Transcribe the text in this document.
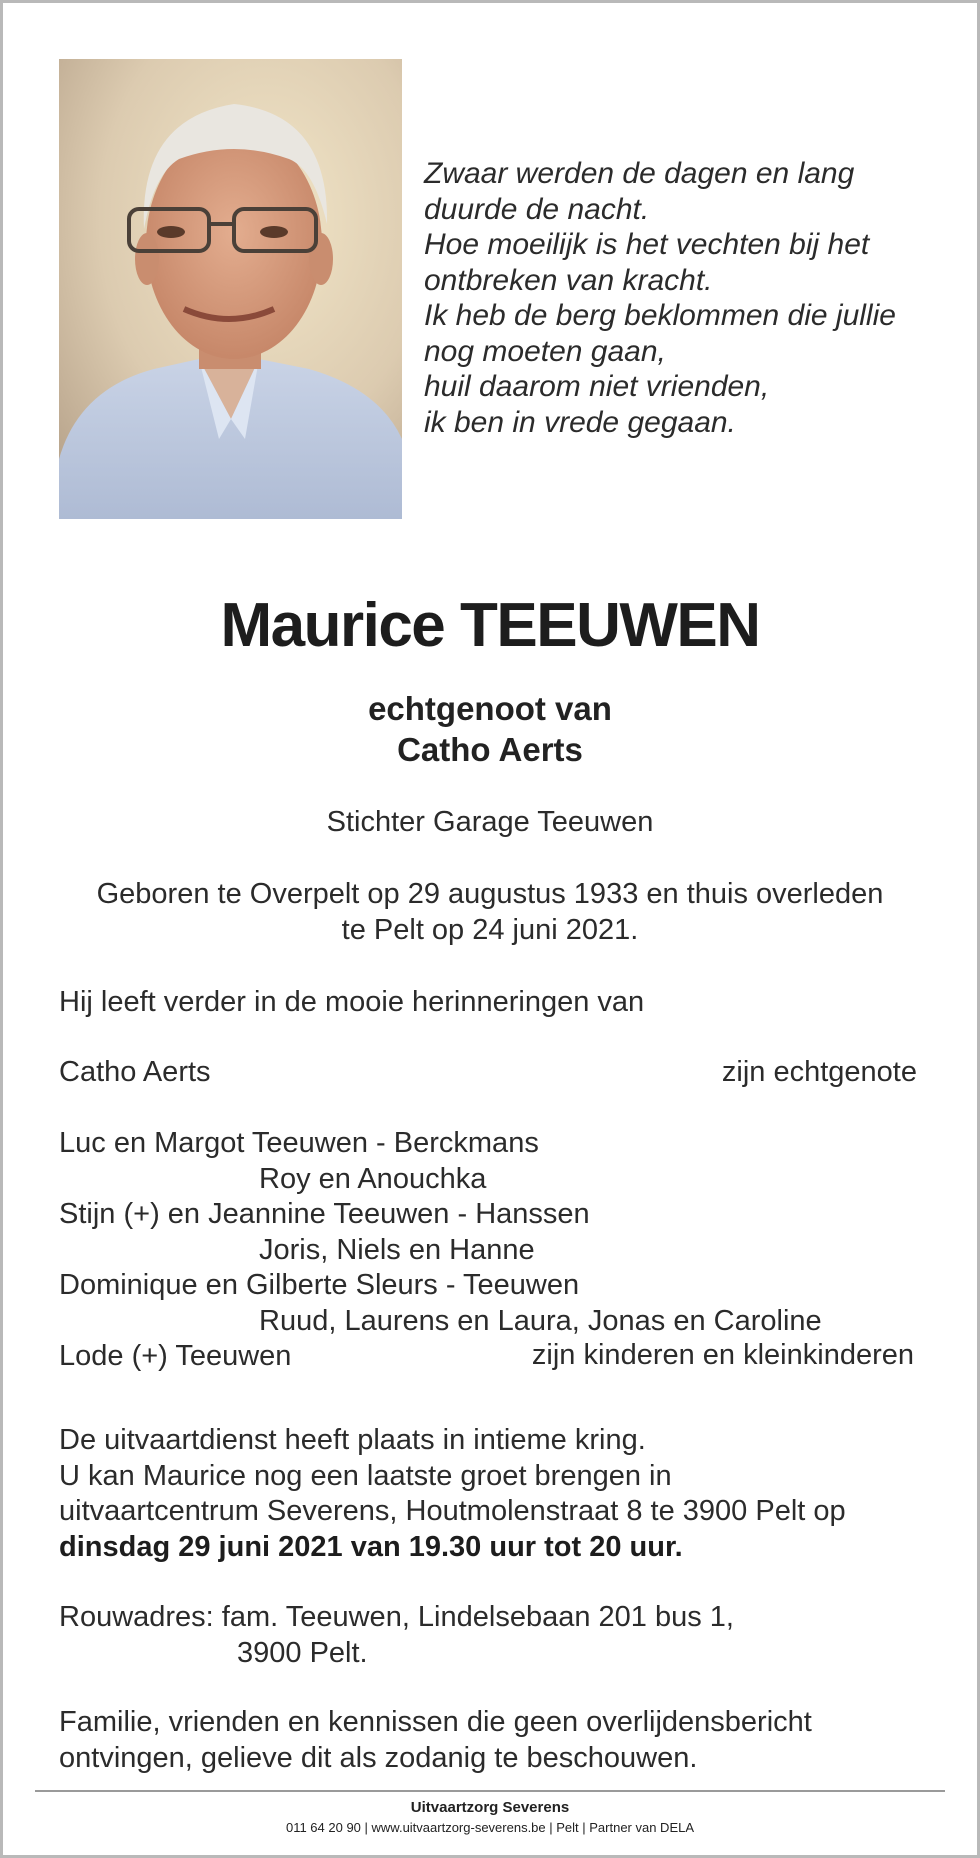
Zwaar werden de dagen en lang
duurde de nacht.
Hoe moeilijk is het vechten bij het
ontbreken van kracht.
Ik heb de berg beklommen die jullie
nog moeten gaan,
huil daarom niet vrienden,
ik ben in vrede gegaan.
Maurice TEEUWEN
echtgenoot van
Catho Aerts
Stichter Garage Teeuwen
Geboren te Overpelt op 29 augustus 1933 en thuis overleden
te Pelt op 24 juni 2021.
Hij leeft verder in de mooie herinneringen van
Catho Aerts	zijn echtgenote
Luc en Margot Teeuwen - Berckmans
Roy en Anouchka
Stijn (+) en Jeannine Teeuwen - Hanssen
Joris, Niels en Hanne
Dominique en Gilberte Sleurs - Teeuwen
Ruud, Laurens en Laura, Jonas en Caroline
Lode (+) Teeuwen	zijn kinderen en kleinkinderen
De uitvaartdienst heeft plaats in intieme kring.
U kan Maurice nog een laatste groet brengen in
uitvaartcentrum Severens, Houtmolenstraat 8 te 3900 Pelt op
dinsdag 29 juni 2021 van 19.30 uur tot 20 uur.
Rouwadres: fam. Teeuwen, Lindelsebaan 201 bus 1,
3900 Pelt.
Familie, vrienden en kennissen die geen overlijdensbericht
ontvingen, gelieve dit als zodanig te beschouwen.
Uitvaartzorg Severens
011 64 20 90 | www.uitvaartzorg-severens.be | Pelt | Partner van DELA
